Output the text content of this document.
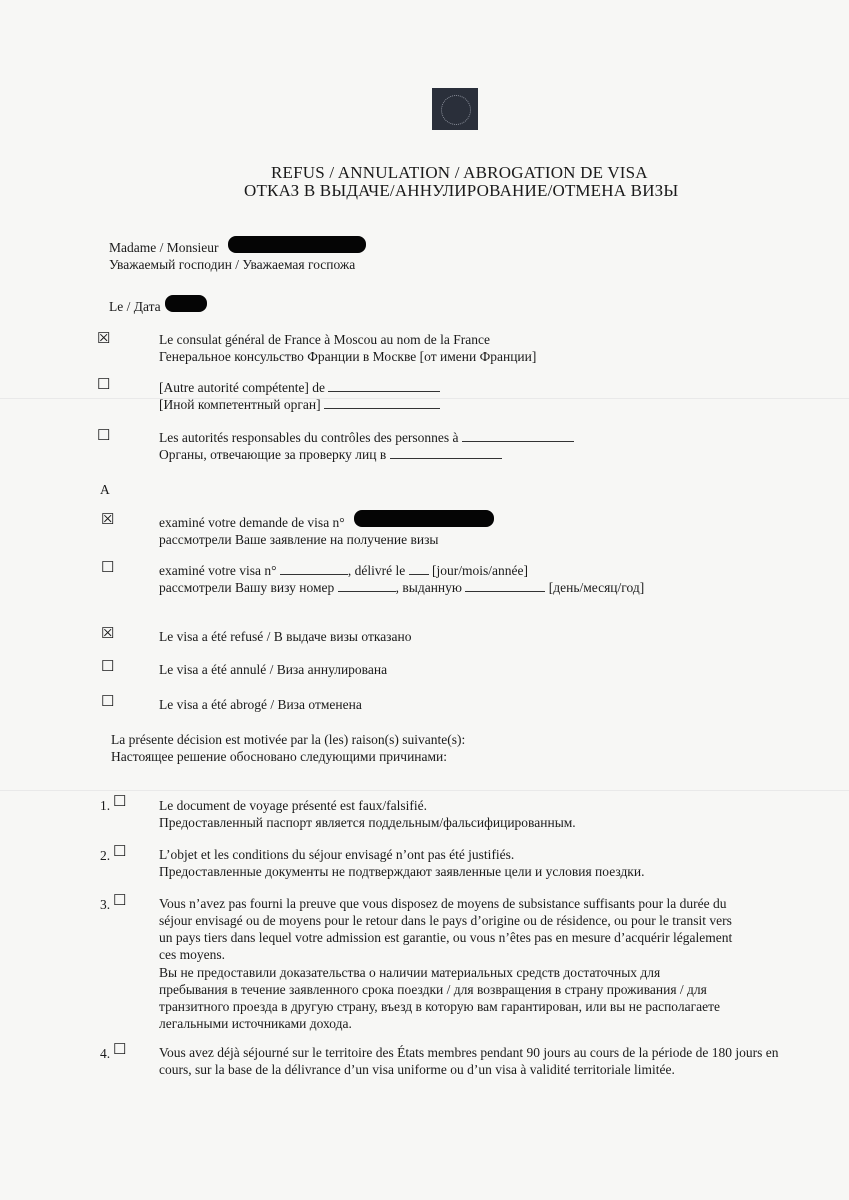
REFUS / ANNULATION / ABROGATION DE VISA
ОТКАЗ В ВЫДАЧЕ/АННУЛИРОВАНИЕ/ОТМЕНА ВИЗЫ
Madame / Monsieur
Уважаемый господин / Уважаемая госпожа
Le / Дата
☒	Le consulat général de France à Moscou au nom de la France
Генеральное консульство Франции в Москве [от имени Франции]
☐	[Autre autorité compétente] de
[Иной компетентный орган]
☐	Les autorités responsables du contrôles des personnes à
Органы, отвечающие за проверку лиц в
A
☒	examiné votre demande de visa n°
рассмотрели Ваше заявление на получение визы
☐	examiné votre visa n°	, délivré le [jour/mois/année]
рассмотрели Вашу визу номер	, выданную	[день/месяц/год]
☒	Le visa a été refusé / В выдаче визы отказано
☐	Le visa a été annulé / Виза аннулирована
☐	Le visa a été abrogé / Виза отменена
La présente décision est motivée par la (les) raison(s) suivante(s):
Настоящее решение обосновано следующими причинами:
1. ☐ Le document de voyage présenté est faux/falsifié.
Предоставленный паспорт является поддельным/фальсифицированным.
2. ☐ L’objet et les conditions du séjour envisagé n’ont pas été justifiés.
Предоставленные документы не подтверждают заявленные цели и условия поездки.
3. ☐ Vous n’avez pas fourni la preuve que vous disposez de moyens de subsistance suffisants pour la durée du
séjour envisagé ou de moyens pour le retour dans le pays d’origine ou de résidence, ou pour le transit vers
un pays tiers dans lequel votre admission est garantie, ou vous n’êtes pas en mesure d’acquérir légalement
ces moyens.
Вы не предоставили доказательства о наличии материальных средств достаточных для
пребывания в течение заявленного срока поездки / для возвращения в страну проживания / для
транзитного проезда в другую страну, въезд в которую вам гарантирован, или вы не располагаете
легальными источниками дохода.
4. ☐ Vous avez déjà séjourné sur le territoire des États membres pendant 90 jours au cours de la période de 180 jours en
cours, sur la base de la délivrance d’un visa uniforme ou d’un visa à validité territoriale limitée.
